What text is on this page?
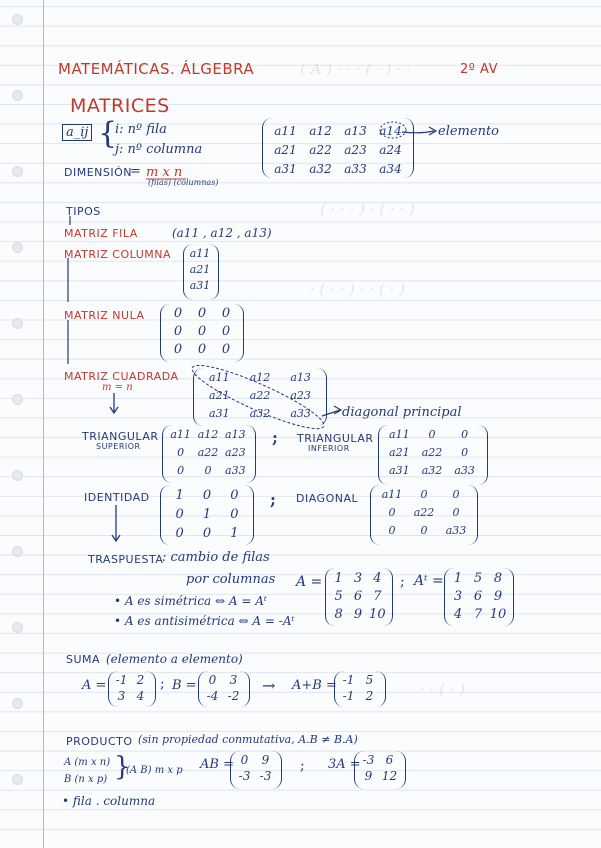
( A ) · · · ( · ) · ·
( · · · ) · ( · · )
· ( · · ) · · ( · )
· · ( · )
MATEMÁTICAS. ÁLGEBRA	2º AV
MATRICES
a_ij {
i: nº fila
j: nº columna
a11	a12	a13	a14
a21	a22	a23	a24
a31	a32	a33	a34
elemento
DIMENSIÓN
= m x n
(filas) (columnas)
TIPOS
MATRIZ FILA	(a11 , a12 , a13)
MATRIZ COLUMNA a11
a21
a31
MATRIZ NULA	0	0	0
0	0	0
0	0	0
MATRIZ CUADRADA
m = n
a11	a12	a13
a21	a22	a23
a31	a32	a33	diagonal principal
TRIANGULAR
SUPERIOR
a11 a12 a13
0	a22 a23
0	0	a33
; TRIANGULAR
INFERIOR
a11	0	0
a21	a22	0
a31	a32	a33
IDENTIDAD	1	0	0
0	1	0
0	0	1
; DIAGONAL	a11	0	0
0	a22	0
0	0	a33
TRASPUESTA
: cambio de filas
por columnas
• A es simétrica ⇔ A = Aᵗ
• A es antisimétrica ⇔ A = -Aᵗ
A = 1 3 4
5 6 7
8 9 10
; Aᵗ = 1 5 8
3 6 9
4 7 10
SUMA (elemento a elemento)
A = -1 2
3 4
; B =	0	3
-4 -2
→ A+B = -1 5
-1 2
PRODUCTO (sin propiedad conmutativa, A.B ≠ B.A)
A (m x n)
B (n x p) }
(A B) m x p AB = 0	9
-3 -3
; 3A = -3 6
9 12
• fila . columna
